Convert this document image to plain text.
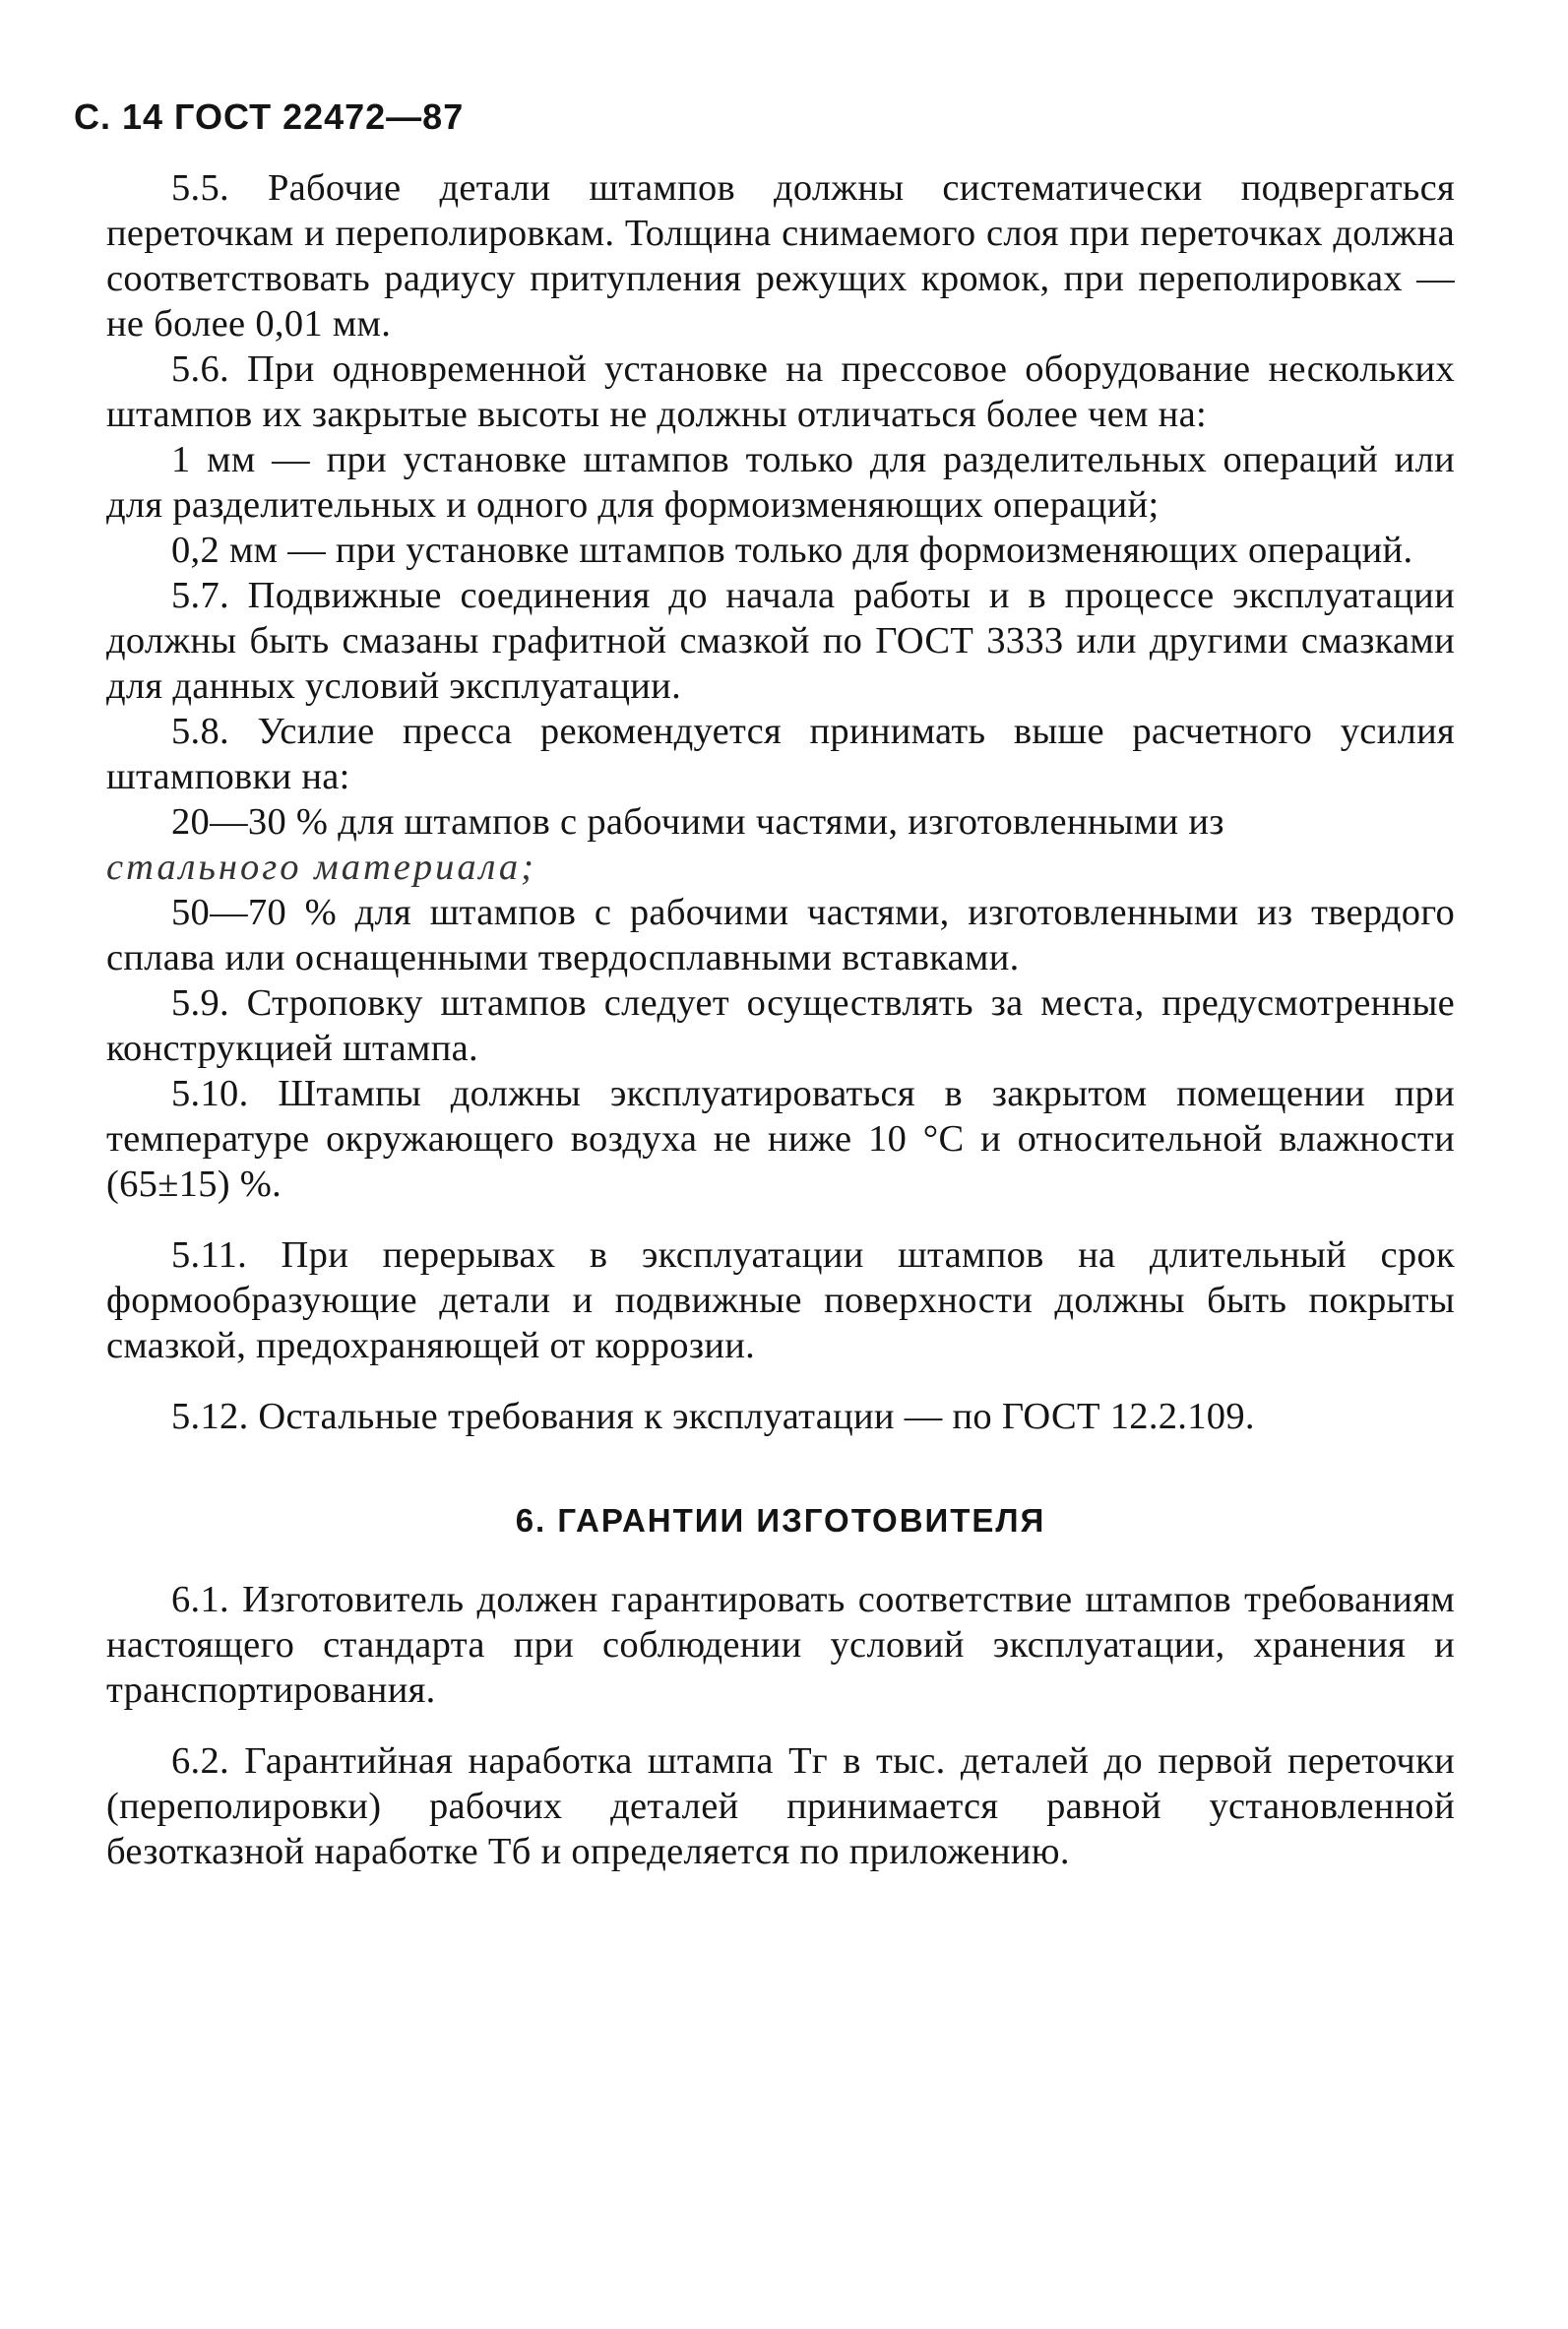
С. 14 ГОСТ 22472—87

5.5. Рабочие детали штампов должны систематически подвергаться переточкам и переполировкам. Толщина снимаемого слоя при переточках должна соответствовать радиусу притупления режущих кромок, при переполировках — не более 0,01 мм.

5.6. При одновременной установке на прессовое оборудование нескольких штампов их закрытые высоты не должны отличаться более чем на:

1 мм — при установке штампов только для разделительных операций или для разделительных и одного для формоизменяющих операций;

0,2 мм — при установке штампов только для формоизменяющих операций.

5.7. Подвижные соединения до начала работы и в процессе эксплуатации должны быть смазаны графитной смазкой по ГОСТ 3333 или другими смазками для данных условий эксплуатации.

5.8. Усилие пресса рекомендуется принимать выше расчетного усилия штамповки на:

20—30 % для штампов с рабочими частями, изготовленными из

стального материала;

50—70 % для штампов с рабочими частями, изготовленными из твердого сплава или оснащенными твердосплавными вставками.

5.9. Строповку штампов следует осуществлять за места, предусмотренные конструкцией штампа.

5.10. Штампы должны эксплуатироваться в закрытом помещении при температуре окружающего воздуха не ниже 10 °С и относительной влажности (65±15) %.

5.11. При перерывах в эксплуатации штампов на длительный срок формообразующие детали и подвижные поверхности должны быть покрыты смазкой, предохраняющей от коррозии.

5.12. Остальные требования к эксплуатации — по ГОСТ 12.2.109.

6. ГАРАНТИИ ИЗГОТОВИТЕЛЯ

6.1. Изготовитель должен гарантировать соответствие штампов требованиям настоящего стандарта при соблюдении условий эксплуатации, хранения и транспортирования.

6.2. Гарантийная наработка штампа Тг в тыс. деталей до первой переточки (переполировки) рабочих деталей принимается равной установленной безотказной наработке Тб и определяется по приложению.
